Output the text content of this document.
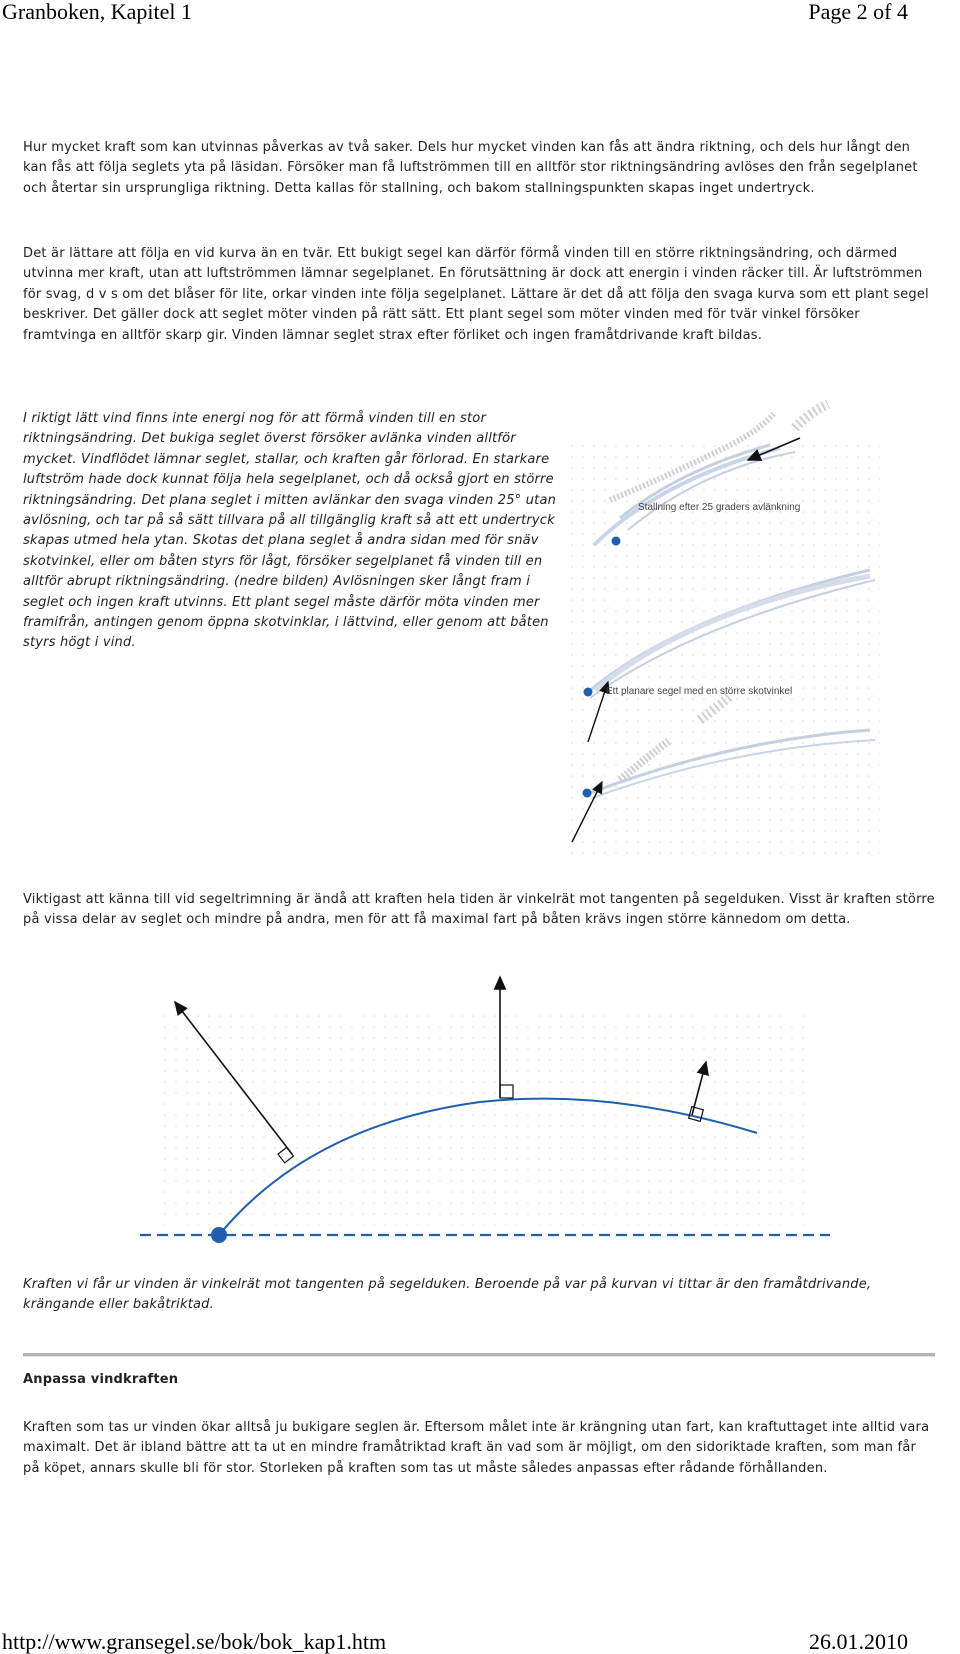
Granboken, Kapitel 1	Page 2 of 4

Hur mycket kraft som kan utvinnas påverkas av två saker. Dels hur mycket vinden kan fås att ändra riktning, och dels hur långt den kan fås att följa seglets yta på läsidan. Försöker man få luftströmmen till en alltför stor riktningsändring avlöses den från segelplanet och återtar sin ursprungliga riktning. Detta kallas för stallning, och bakom stallningspunkten skapas inget undertryck.

Det är lättare att följa en vid kurva än en tvär. Ett bukigt segel kan därför förmå vinden till en större riktningsändring, och därmed utvinna mer kraft, utan att luftströmmen lämnar segelplanet. En förutsättning är dock att energin i vinden räcker till. Är luftströmmen för svag, d v s om det blåser för lite, orkar vinden inte följa segelplanet. Lättare är det då att följa den svaga kurva som ett plant segel beskriver. Det gäller dock att seglet möter vinden på rätt sätt. Ett plant segel som möter vinden med för tvär vinkel försöker framtvinga en alltför skarp gir. Vinden lämnar seglet strax efter förliket och ingen framåtdrivande kraft bildas.

I riktigt lätt vind finns inte energi nog för att förmå vinden till en stor riktningsändring. Det bukiga seglet överst försöker avlänka vinden alltför mycket. Vindflödet lämnar seglet, stallar, och kraften går förlorad. En starkare luftström hade dock kunnat följa hela segelplanet, och då också gjort en större riktningsändring. Det plana seglet i mitten avlänkar den svaga vinden 25° utan avlösning, och tar på så sätt tillvara på all tillgänglig kraft så att ett undertryck skapas utmed hela ytan. Skotas det plana seglet å andra sidan med för snäv skotvinkel, eller om båten styrs för lågt, försöker segelplanet få vinden till en alltför abrupt riktningsändring. (nedre bilden) Avlösningen sker långt fram i seglet och ingen kraft utvinns. Ett plant segel måste därför möta vinden mer framifrån, antingen genom öppna skotvinklar, i lättvind, eller genom att båten styrs högt i vind.

Stallning efter 25 graders avlänkning
Ett planare segel med en större skotvinkel

Viktigast att känna till vid segeltrimning är ändå att kraften hela tiden är vinkelrät mot tangenten på segelduken. Visst är kraften större på vissa delar av seglet och mindre på andra, men för att få maximal fart på båten krävs ingen större kännedom om detta.

Kraften vi får ur vinden är vinkelrät mot tangenten på segelduken. Beroende på var på kurvan vi tittar är den framåtdrivande, krängande eller bakåtriktad.

Anpassa vindkraften

Kraften som tas ur vinden ökar alltså ju bukigare seglen är. Eftersom målet inte är krängning utan fart, kan kraftuttaget inte alltid vara maximalt. Det är ibland bättre att ta ut en mindre framåtriktad kraft än vad som är möjligt, om den sidoriktade kraften, som man får på köpet, annars skulle bli för stor. Storleken på kraften som tas ut måste således anpassas efter rådande förhållanden.

http://www.gransegel.se/bok/bok_kap1.htm	26.01.2010
